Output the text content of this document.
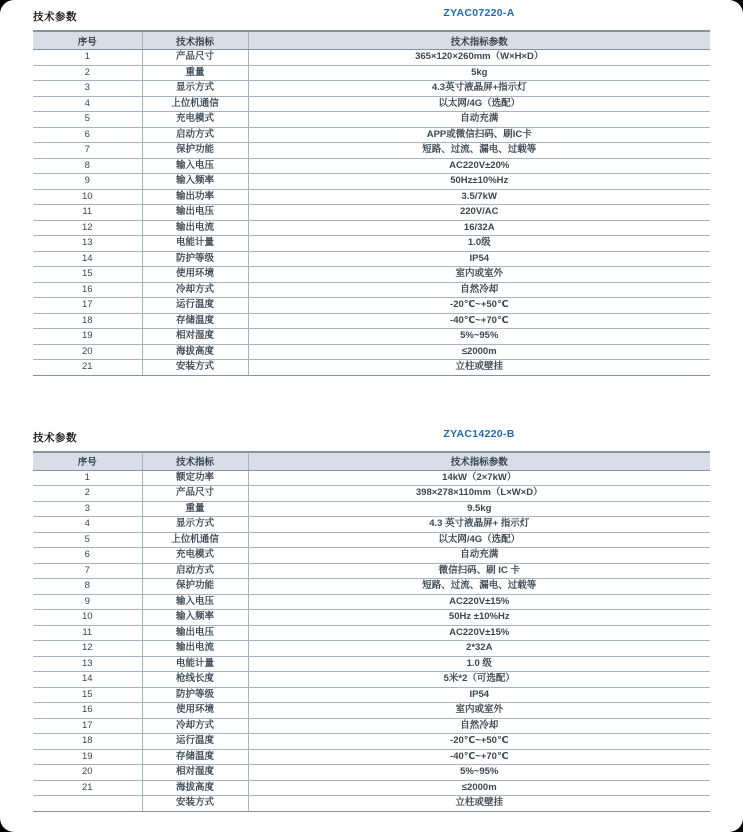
技术参数	ZYAC07220-A
序号	技术指标	技术指标参数
1	产品尺寸	365×120×260mm（W×H×D）
2	重量	5kg
3	显示方式	4.3英寸液晶屏+指示灯
4	上位机通信	以太网/4G（选配）
5	充电模式	自动充满
6	启动方式	APP或微信扫码、刷IC卡
7	保护功能	短路、过流、漏电、过载等
8	输入电压	AC220V±20%
9	输入频率	50Hz±10%Hz
10	输出功率	3.5/7kW
11	输出电压	220V/AC
12	输出电流	16/32A
13	电能计量	1.0级
14	防护等级	IP54
15	使用环境	室内或室外
16	冷却方式	自然冷却
17	运行温度	-20℃~+50℃
18	存储温度	-40℃~+70℃
19	相对湿度	5%~95%
20	海拔高度	≤2000m
21	安装方式	立柱或壁挂
技术参数	ZYAC14220-B
序号	技术指标	技术指标参数
1	额定功率	14kW（2×7kW）
2	产品尺寸	398×278×110mm（L×W×D）
3	重量	9.5kg
4	显示方式	4.3 英寸液晶屏+ 指示灯
5	上位机通信	以太网/4G（选配）
6	充电模式	自动充满
7	启动方式	微信扫码、刷 IC 卡
8	保护功能	短路、过流、漏电、过载等
9	输入电压	AC220V±15%
10	输入频率	50Hz ±10%Hz
11	输出电压	AC220V±15%
12	输出电流	2*32A
13	电能计量	1.0 级
14	枪线长度	5米*2（可选配）
15	防护等级	IP54
16	使用环境	室内或室外
17	冷却方式	自然冷却
18	运行温度	-20℃~+50℃
19	存储温度	-40℃~+70℃
20	相对湿度	5%~95%
21	海拔高度	≤2000m
	安装方式	立柱或壁挂
